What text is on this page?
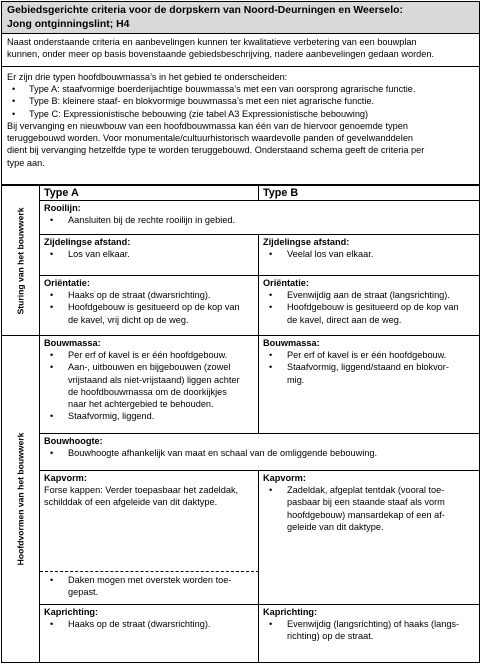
Gebiedsgerichte criteria voor de dorpskern van Noord-Deurningen en Weerselo:
Jong ontginningslint; H4

Naast onderstaande criteria en aanbevelingen kunnen ter kwalitatieve verbetering van een bouwplan

kunnen, onder meer op basis bovenstaande gebiedsbeschrijving, nadere aanbevelingen gedaan worden.

Er zijn drie typen hoofdbouwmassa’s in het gebied te onderscheiden:

• Type A: staafvormige boerderijachtige bouwmassa’s met een van oorsprong agrarische functie.
• Type B: kleinere staaf- en blokvormige bouwmassa’s met een niet agrarische functie.
• Type C: Expressionistische bebouwing (zie tabel A3 Expressionistische bebouwing)

Bij vervanging en nieuwbouw van een hoofdbouwmassa kan één van de hiervoor genoemde typen

teruggebouwd worden. Voor monumentale/cultuurhistorisch waardevolle panden of gevelwanddelen

dient bij vervanging hetzelfde type te worden teruggebouwd. Onderstaand schema geeft de criteria per

type aan.

Sturing van het bouwwerk
Hoofdvormen van het bouwwerk
Type A	Type B
Rooilijn:
• Aansluiten bij de rechte rooilijn in gebied.
Zijdelingse afstand:
• Los van elkaar.
Zijdelingse afstand:
• Veelal los van elkaar.
Oriëntatie:
• Haaks op de straat (dwarsrichting).

• Hoofdgebouw is gesitueerd op de kop van

de kavel, vrij dicht op de weg.

Oriëntatie:
• Evenwijdig aan de straat (langsrichting).

• Hoofdgebouw is gesitueerd op de kop van

de kavel, direct aan de weg.

Bouwmassa:
• Per erf of kavel is er één hoofdgebouw.

• Aan-, uitbouwen en bijgebouwen (zowel

vrijstaand als niet-vrijstaand) liggen achter

de hoofdbouwmassa om de doorkijkjes

naar het achtergebied te behouden.

• Staafvormig, liggend.
Bouwmassa:
• Per erf of kavel is er één hoofdgebouw.

• Staafvormig, liggend/staand en blokvor-

mig.

Bouwhoogte:
• Bouwhoogte afhankelijk van maat en schaal van de omliggende bebouwing.
Kapvorm:

Forse kappen: Verder toepasbaar het zadeldak,

schilddak of een afgeleide van dit daktype.

• Daken mogen met overstek worden toe-

gepast.

Kapvorm:

• Zadeldak, afgeplat tentdak (vooral toe-

pasbaar bij een staande staaf als vorm

hoofdgebouw) mansardekap of een af-

geleide van dit daktype.

Kaprichting:
• Haaks op de straat (dwarsrichting).
Kaprichting:

• Evenwijdig (langsrichting) of haaks (langs-

richting) op de straat.
